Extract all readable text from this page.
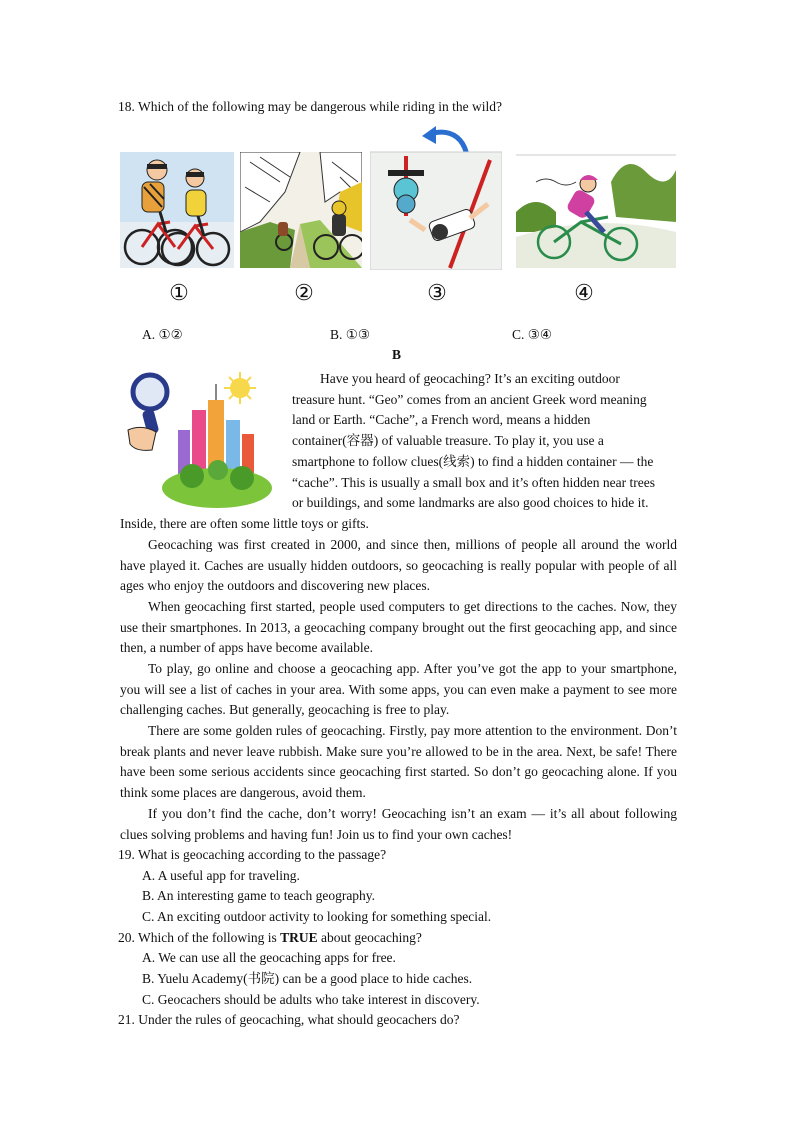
18. Which of the following may be dangerous while riding in the wild?
①	②	③	④
A. ①②	B. ①③	C. ③④
B
Have you heard of geocaching? It’s an exciting outdoor
treasure hunt. “Geo” comes from an ancient Greek word meaning
land or Earth. “Cache”, a French word, means a hidden
container(容器) of valuable treasure. To play it, you use a
smartphone to follow clues(线索) to find a hidden container — the
“cache”. This is usually a small box and it’s often hidden near trees
or buildings, and some landmarks are also good choices to hide it.
Inside, there are often some little toys or gifts.
Geocaching was first created in 2000, and since then, millions of people all around the world have played it. Caches are usually hidden outdoors, so geocaching is really popular with people of all ages who enjoy the outdoors and discovering new places.
When geocaching first started, people used computers to get directions to the caches. Now, they use their smartphones. In 2013, a geocaching company brought out the first geocaching app, and since then, a number of apps have become available.
To play, go online and choose a geocaching app. After you’ve got the app to your smartphone, you will see a list of caches in your area. With some apps, you can even make a payment to see more challenging caches. But generally, geocaching is free to play.
There are some golden rules of geocaching. Firstly, pay more attention to the environment. Don’t break plants and never leave rubbish. Make sure you’re allowed to be in the area. Next, be safe! There have been some serious accidents since geocaching first started. So don’t go geocaching alone. If you think some places are dangerous, avoid them.
If you don’t find the cache, don’t worry! Geocaching isn’t an exam — it’s all about following clues solving problems and having fun! Join us to find your own caches!
19. What is geocaching according to the passage?
A. A useful app for traveling.
B. An interesting game to teach geography.
C. An exciting outdoor activity to looking for something special.
20. Which of the following is TRUE about geocaching?
A. We can use all the geocaching apps for free.
B. Yuelu Academy(书院) can be a good place to hide caches.
C. Geocachers should be adults who take interest in discovery.
21. Under the rules of geocaching, what should geocachers do?
